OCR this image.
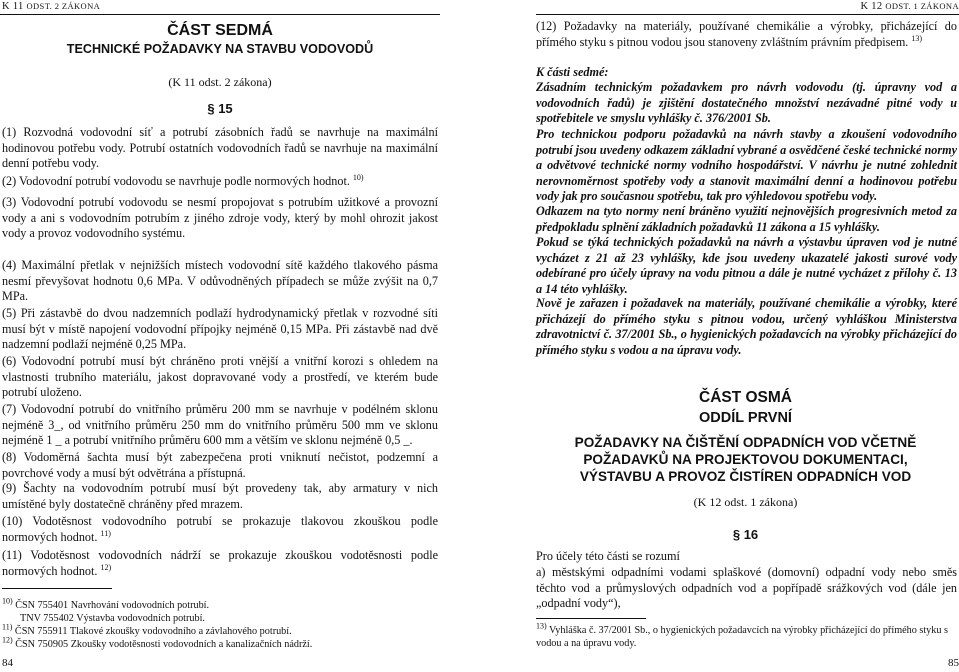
K 11 ODST. 2 ZÁKONA
ČÁST SEDMÁ
TECHNICKÉ POŽADAVKY NA STAVBU VODOVODŮ
(K 11 odst. 2 zákona)
§ 15
(1) Rozvodná vodovodní síť a potrubí zásobních řadů se navrhuje na maximální hodinovou potřebu vody. Potrubí ostatních vodovodních řadů se navrhuje na maximální denní potřebu vody.
(2) Vodovodní potrubí vodovodu se navrhuje podle normových hodnot. $^{10)}$
(3) Vodovodní potrubí vodovodu se nesmí propojovat s potrubím užitkové a provozní vody a ani s vodovodním potrubím z jiného zdroje vody, který by mohl ohrozit jakost vody a provoz vodovodního systému.
(4) Maximální přetlak v nejnižších místech vodovodní sítě každého tlakového pásma nesmí převyšovat hodnotu 0,6 MPa. V odůvodněných případech se může zvýšit na 0,7 MPa.
(5) Při zástavbě do dvou nadzemních podlaží hydrodynamický přetlak v rozvodné síti musí být v místě napojení vodovodní přípojky nejméně 0,15 MPa. Při zástavbě nad dvě nadzemní podlaží nejméně 0,25 MPa.
(6) Vodovodní potrubí musí být chráněno proti vnější a vnitřní korozi s ohledem na vlastnosti trubního materiálu, jakost dopravované vody a prostředí, ve kterém bude potrubí uloženo.
(7) Vodovodní potrubí do vnitřního průměru 200 mm se navrhuje v podélném sklonu nejméně 3_, od vnitřního průměru 250 mm do vnitřního průměru 500 mm ve sklonu nejméně 1 _ a potrubí vnitřního průměru 600 mm a větším ve sklonu nejméně 0,5 _.
(8) Vodoměrná šachta musí být zabezpečena proti vniknutí nečistot, podzemní a povrchové vody a musí být odvětrána a přístupná.
(9) Šachty na vodovodním potrubí musí být provedeny tak, aby armatury v nich umístěné byly dostatečně chráněny před mrazem.
(10) Vodotěsnost vodovodního potrubí se prokazuje tlakovou zkouškou podle normových hodnot. $^{11)}$
(11) Vodotěsnost vodovodních nádrží se prokazuje zkouškou vodotěsnosti podle normových hodnot. $^{12)}$
$^{10)}$ ČSN 755401 Navrhování vodovodních potrubí.
TNV 755402 Výstavba vodovodních potrubí.
$^{11)}$ ČSN 755911 Tlakové zkoušky vodovodního a závlahového potrubí.
$^{12)}$ ČSN 750905 Zkoušky vodotěsnosti vodovodních a kanalizačních nádrží.
84
K 12 ODST. 1 ZÁKONA
(12) Požadavky na materiály, používané chemikálie a výrobky, přicházející do přímého styku s pitnou vodou jsou stanoveny zvláštním právním předpisem. $^{13)}$
K části sedmé:
Zásadním technickým požadavkem pro návrh vodovodu (tj. úpravny vod a vodovodních řadů) je zjištění dostatečného množství nezávadné pitné vody u spotřebitele ve smyslu vyhlášky č. 376/2001 Sb.
Pro technickou podporu požadavků na návrh stavby a zkoušení vodovodního potrubí jsou uvedeny odkazem základní vybrané a osvědčené české technické normy a odvětvové technické normy vodního hospodářství. V návrhu je nutné zohlednit nerovnoměrnost spotřeby vody a stanovit maximální denní a hodinovou potřebu vody jak pro současnou spotřebu, tak pro výhledovou spotřebu vody.
Odkazem na tyto normy není bráněno využití nejnovějších progresivních metod za předpokladu splnění základních požadavků 11 zákona a 15 vyhlášky.
Pokud se týká technických požadavků na návrh a výstavbu úpraven vod je nutné vycházet z 21 až 23 vyhlášky, kde jsou uvedeny ukazatelé jakosti surové vody odebírané pro účely úpravy na vodu pitnou a dále je nutné vycházet z přílohy č. 13 a 14 této vyhlášky.
Nově je zařazen i požadavek na materiály, používané chemikálie a výrobky, které přicházejí do přímého styku s pitnou vodou, určený vyhláškou Ministerstva zdravotnictví č. 37/2001 Sb., o hygienických požadavcích na výrobky přicházející do přímého styku s vodou a na úpravu vody.
ČÁST OSMÁ
ODDÍL PRVNÍ
POŽADAVKY NA ČIŠTĚNÍ ODPADNÍCH VOD VČETNĚ
POŽADAVKŮ NA PROJEKTOVOU DOKUMENTACI,
VÝSTAVBU A PROVOZ ČISTÍREN ODPADNÍCH VOD
(K 12 odst. 1 zákona)
§ 16
Pro účely této části se rozumí
a) městskými odpadními vodami splaškové (domovní) odpadní vody nebo směs těchto vod a průmyslových odpadních vod a popřípadě srážkových vod (dále jen „odpadní vody“),
$^{13)}$ Vyhláška č. 37/2001 Sb., o hygienických požadavcích na výrobky přicházející do přímého styku s vodou a na úpravu vody.
85
